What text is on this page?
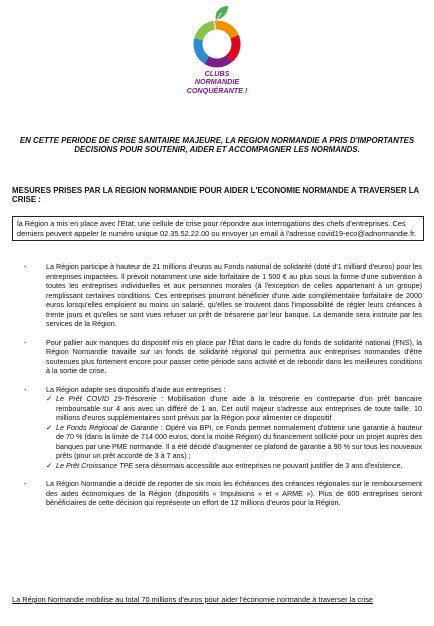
CLUBS
NORMANDIE
CONQUÉRANTE !
EN CETTE PERIODE DE CRISE SANITAIRE MAJEURE, LA REGION NORMANDIE A PRIS D'IMPORTANTES DECISIONS POUR SOUTENIR, AIDER ET ACCOMPAGNER LES NORMANDS.
MESURES PRISES PAR LA REGION NORMANDIE POUR AIDER L'ECONOMIE NORMANDE A TRAVERSER LA CRISE :
la Région a mis en place avec l'Etat, une cellule de crise pour répondre aux interrogations des chefs d'entreprises. Ces derniers peuvent appeler le numéro unique 02.35.52.22.00 ou envoyer un email à l'adresse covid19-eco@adnormandie.fr.
-	La Région participe à hauteur de 21 millions d'euros au Fonds national de solidarité (doté d'1 milliard d'euros) pour les entreprises impactées. Il prévoit notamment une aide forfaitaire de 1 500 € au plus sous la forme d'une subvention à toutes les entreprises individuelles et aux personnes morales (à l'exception de celles appartenant à un groupe) remplissant certaines conditions. Ces entreprises pourront bénéficier d'une aide complémentaire forfaitaire de 2000 euros lorsqu'elles emploient au moins un salarié, qu'elles se trouvent dans l'impossibilité de régler leurs créances à trente jours et qu'elles se sont vues refuser un prêt de trésorerie par leur banque. La demande sera instruite par les services de la Région.
-	Pour pallier aux manques du dispositif mis en place par l'État dans le cadre du fonds de solidarité national (FNS), la Région Normandie travaille sur un fonds de solidarité régional qui permettra aux entreprises normandes d'être soutenues plus fortement encore pour passer cette période sans activité et de rebondir dans les meilleures conditions à la sortie de crise.
-	La Région adapte ses dispositifs d'aide aux entreprises :
✓ Le Prêt COVID 19-Trésorerie : Mobilisation d'une aide à la trésorerie en contrepartie d'un prêt bancaire remboursable sur 4 ans avec un différé de 1 an. Cet outil majeur s'adresse aux entreprises de toute taille. 10 millions d'euros supplémentaires sont prévus par la Région pour alimenter ce dispositif
✓ Le Fonds Régional de Garantie : Opéré via BPI, ce Fonds permet normalement d'obtenir une garantie à hauteur de 70 % (dans la limite de 714 000 euros, dont la moitié Région) du financement sollicité pour un projet auprès des banques par une PME normande. Il a été décidé d'augmenter ce plafond de garantie à 90 % sur tous les nouveaux prêts (pour un prêt accordé de 3 à 7 ans) ;
✓ Le Prêt Croissance TPE sera désormais accessible aux entreprises ne pouvant justifier de 3 ans d'existence.
-	La Région Normandie a décidé de reporter de six mois les échéances des créances régionales sur le remboursement des aides économiques de la Région (dispositifs « Impulsions » et « ARME »). Plus de 600 entreprises seront bénéficiaires de cette décision qui représente un effort de 12 millions d'euros pour la Région.
La Région Normandie mobilise au total 70 millions d'euros pour aider l'économie normande à traverser la crise
